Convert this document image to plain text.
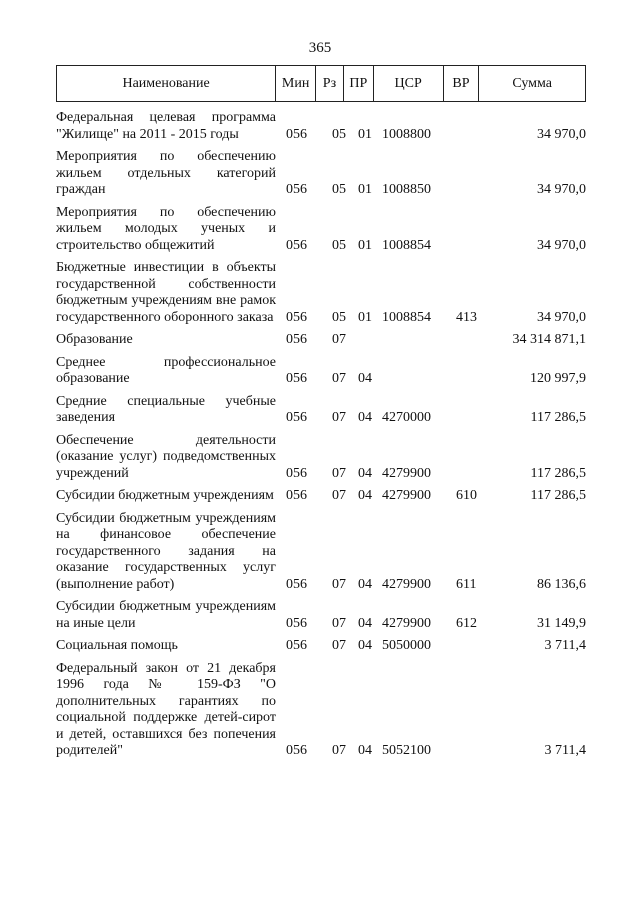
365
Наименование	Мин Рз ПР	ЦСР	ВР	Сумма
Федеральная целевая программа "Жилище" на 2011 - 2015 годы	056	05 01 1008800	34 970,0
Мероприятия по обеспечению жильем отдельных категорий граждан	056	05 01 1008850	34 970,0
Мероприятия по обеспечению жильем молодых ученых и строительство общежитий	056	05 01 1008854	34 970,0
Бюджетные инвестиции в объекты государственной собственности бюджетным учреждениям вне рамок государственного оборонного заказа 056	05 01 1008854	413	34 970,0
Образование	056	07	34 314 871,1
Среднее профессиональное образование	056	07 04	120 997,9
Средние специальные учебные заведения	056	07 04 4270000	117 286,5
Обеспечение деятельности (оказание услуг) подведомственных учреждений	056	07 04 4279900	117 286,5
Субсидии бюджетным учреждениям 056	07 04 4279900	610	117 286,5
Субсидии бюджетным учреждениям на финансовое обеспечение государственного задания на оказание государственных услуг (выполнение работ)	056	07 04 4279900	611	86 136,6
Субсидии бюджетным учреждениям на иные цели	056	07 04 4279900	612	31 149,9
Социальная помощь	056	07 04 5050000	3 711,4
Федеральный закон от 21 декабря 1996 года № 159-ФЗ "О дополнительных гарантиях по социальной поддержке детей-сирот и детей, оставшихся без попечения родителей"	056	07 04 5052100	3 711,4
